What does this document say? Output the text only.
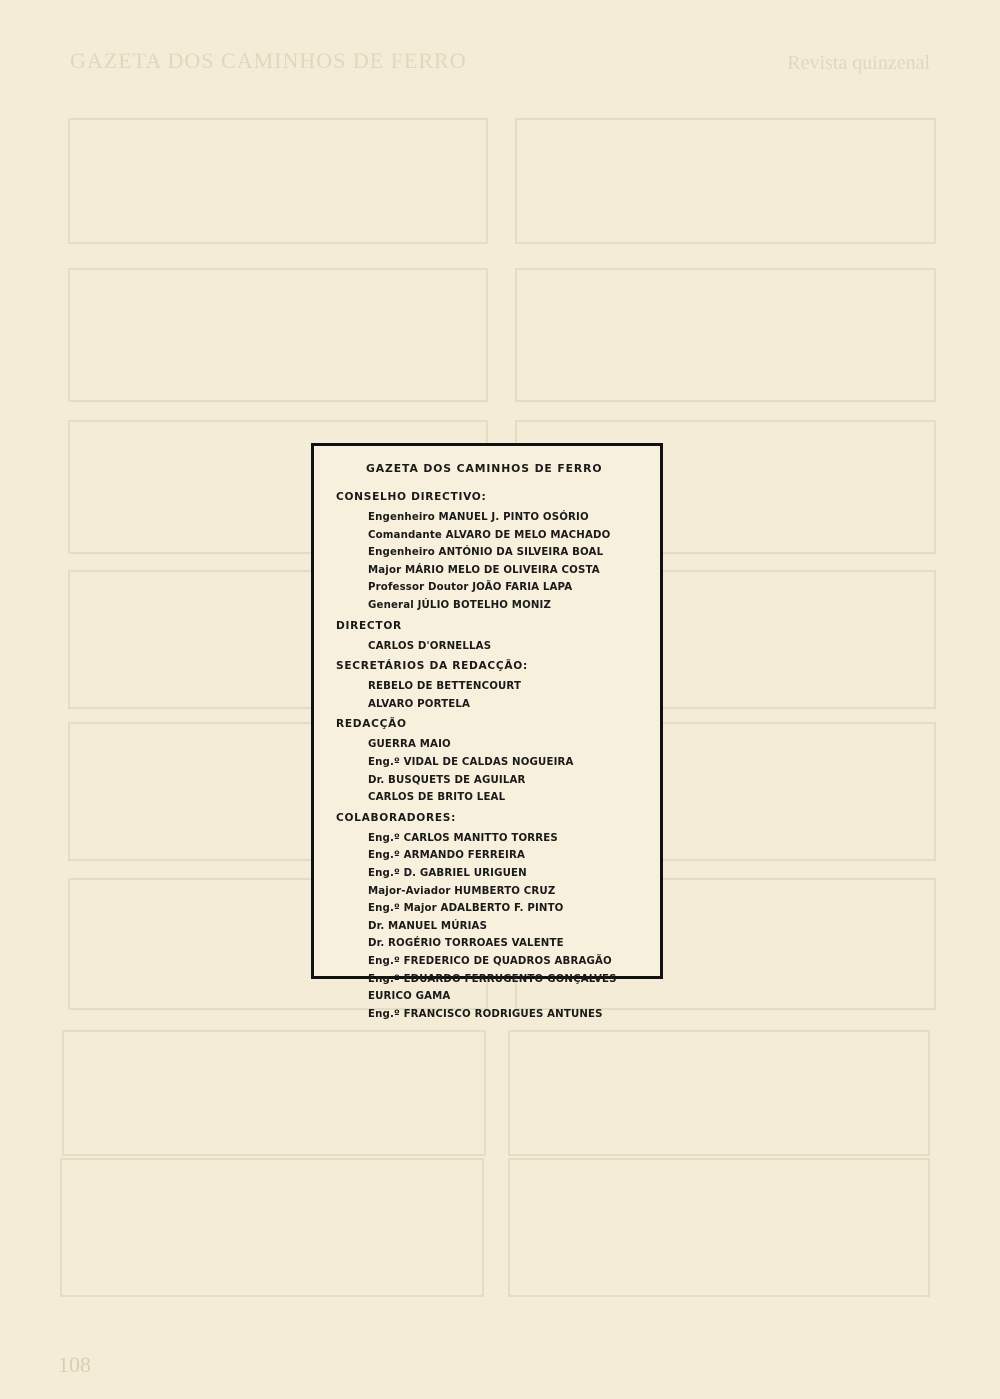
GAZETA DOS CAMINHOS DE FERRO	Revista quinzenal
108
GAZETA DOS CAMINHOS DE FERRO
CONSELHO DIRECTIVO:
Engenheiro MANUEL J. PINTO OSÓRIO
Comandante ALVARO DE MELO MACHADO
Engenheiro ANTÓNIO DA SILVEIRA BOAL
Major MÁRIO MELO DE OLIVEIRA COSTA
Professor Doutor JOÃO FARIA LAPA
General JÚLIO BOTELHO MONIZ
DIRECTOR
CARLOS D'ORNELLAS
SECRETÁRIOS DA REDACÇÃO:
REBELO DE BETTENCOURT
ALVARO PORTELA
REDACÇÃO
GUERRA MAIO
Eng.º VIDAL DE CALDAS NOGUEIRA
Dr. BUSQUETS DE AGUILAR
CARLOS DE BRITO LEAL
COLABORADORES:
Eng.º CARLOS MANITTO TORRES
Eng.º ARMANDO FERREIRA
Eng.º D. GABRIEL URIGUEN
Major-Aviador HUMBERTO CRUZ
Eng.º Major ADALBERTO F. PINTO
Dr. MANUEL MÚRIAS
Dr. ROGÉRIO TORROAES VALENTE
Eng.º FREDERICO DE QUADROS ABRAGÃO
Eng.º EDUARDO FERRUGENTO GONÇALVES
EURICO GAMA
Eng.º FRANCISCO RODRIGUES ANTUNES
